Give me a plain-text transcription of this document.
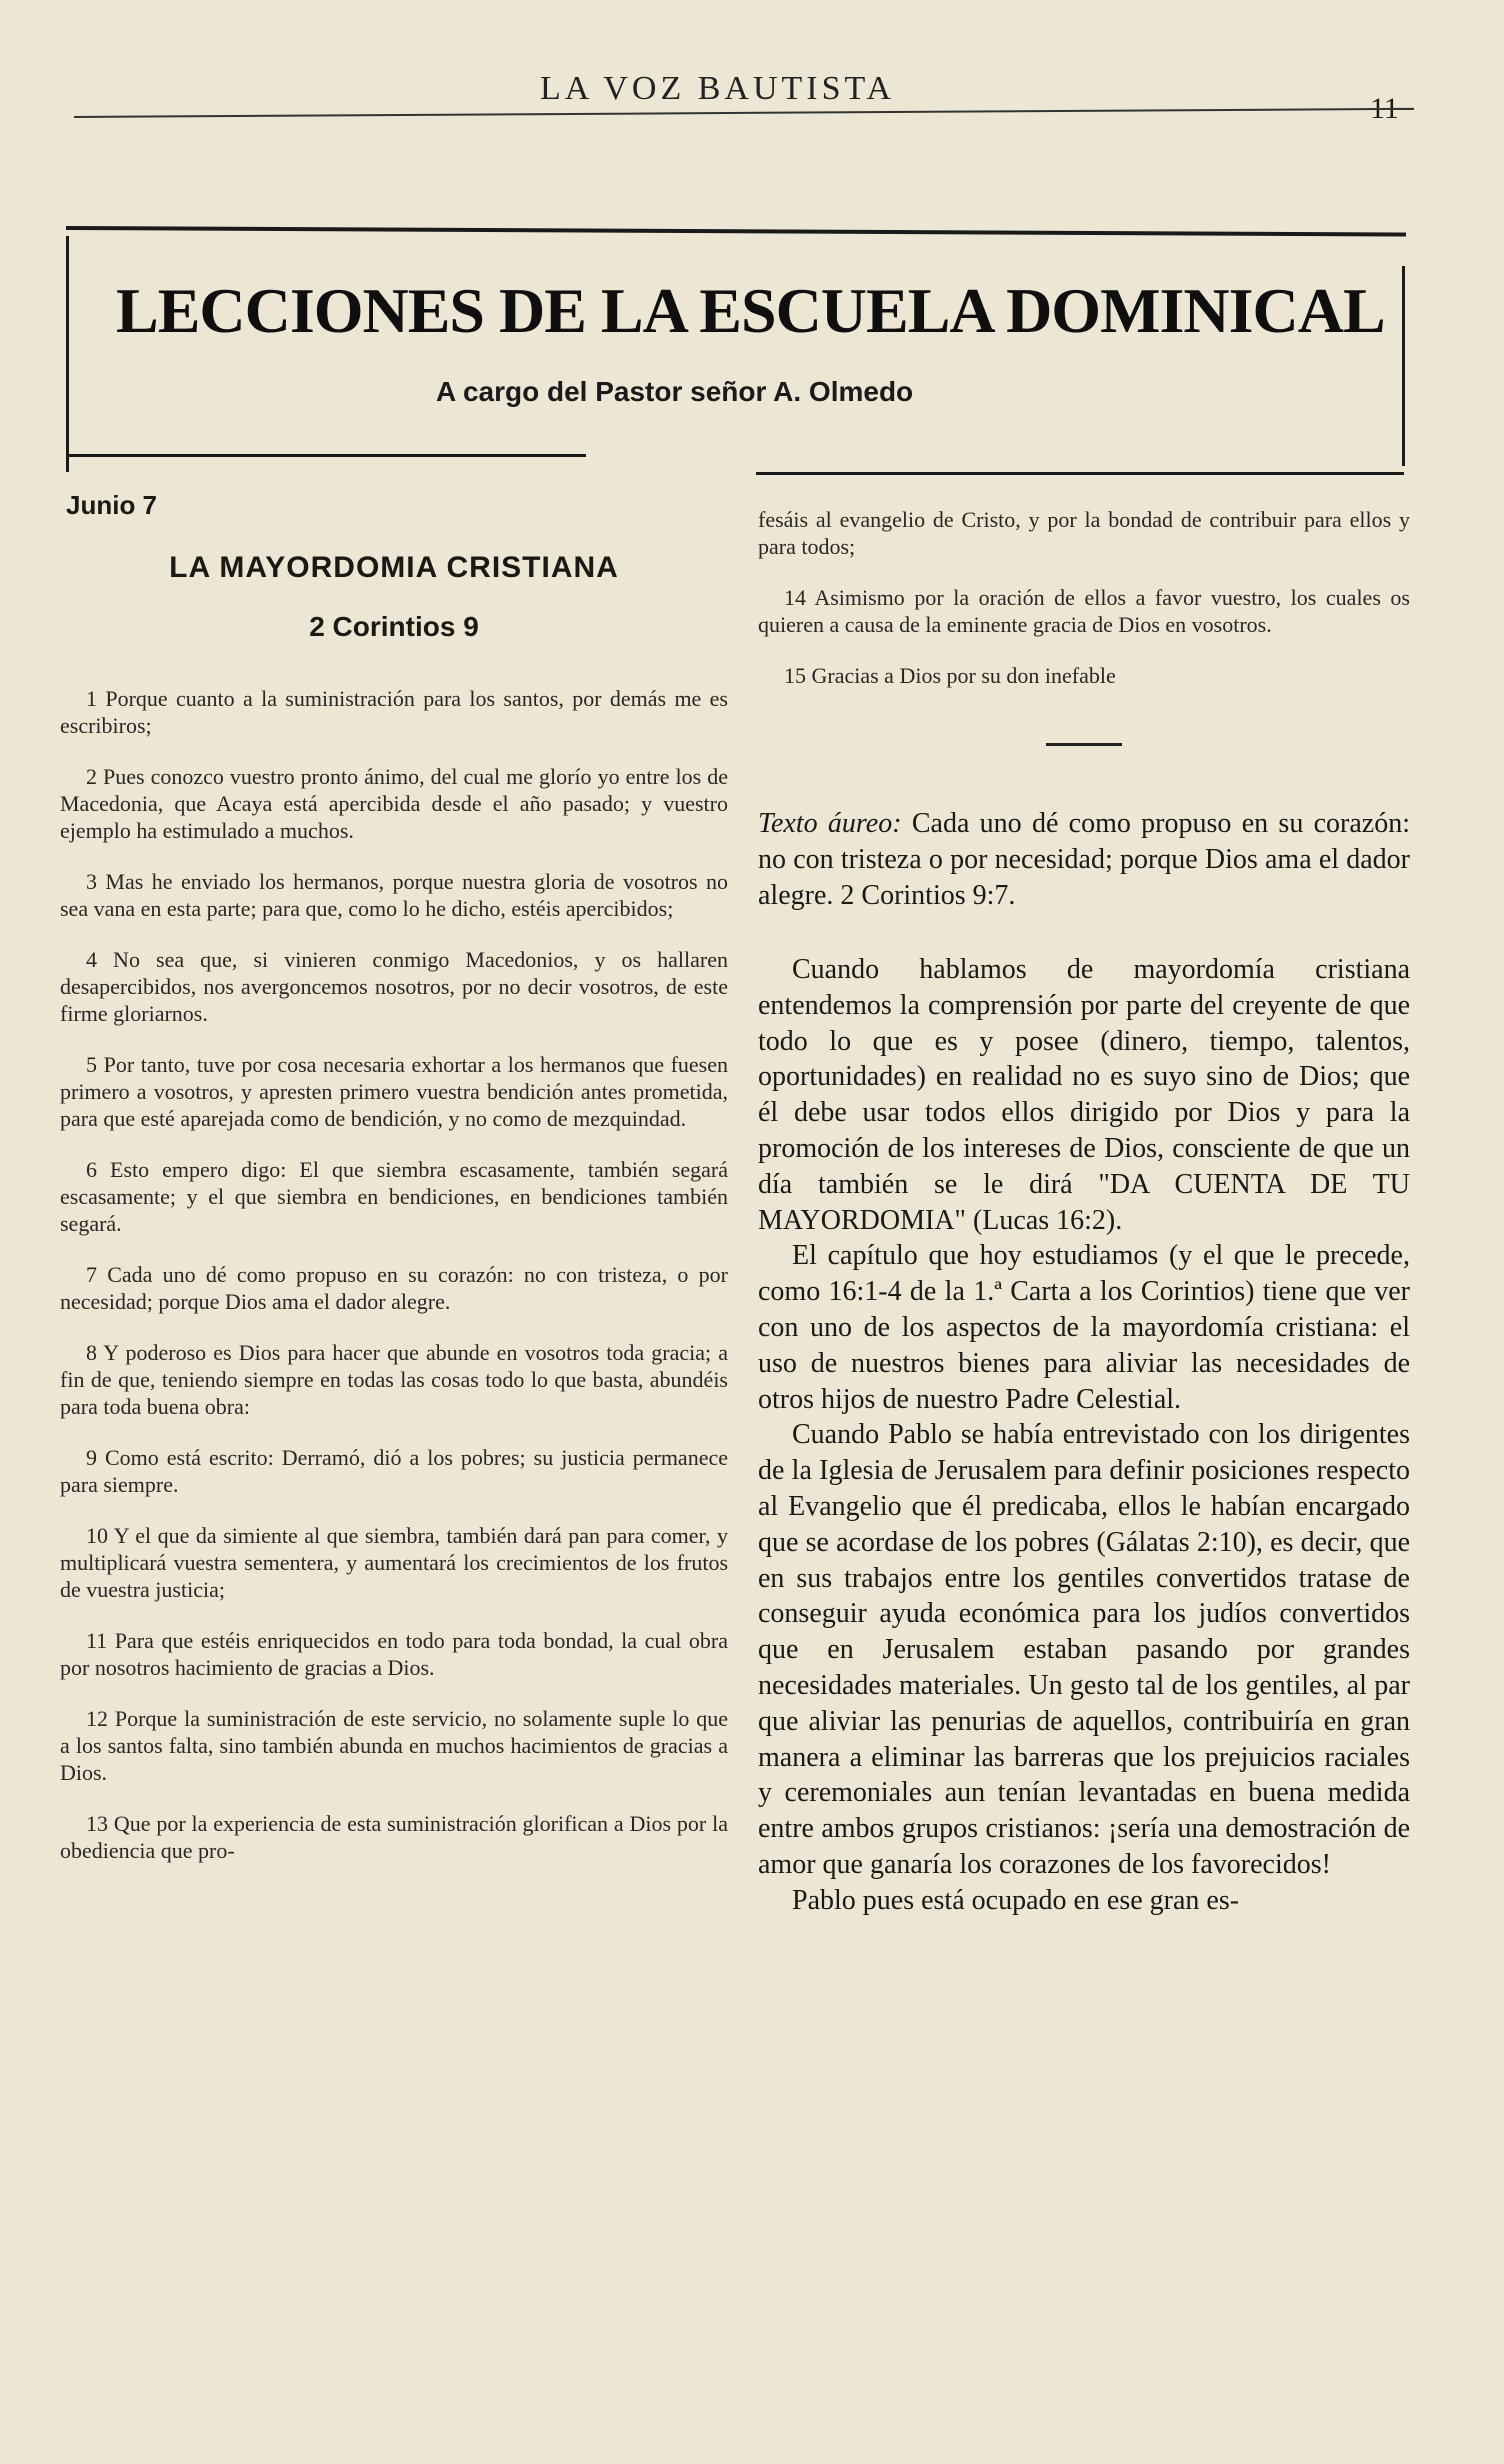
LA VOZ BAUTISTA
11
LECCIONES DE LA ESCUELA DOMINICAL
A cargo del Pastor señor A. Olmedo
Junio 7
LA MAYORDOMIA CRISTIANA
2 Corintios 9

1 Porque cuanto a la suministración para los santos, por demás me es escribiros;

2 Pues conozco vuestro pronto ánimo, del cual me glorío yo entre los de Macedonia, que Acaya está apercibida desde el año pasado; y vuestro ejemplo ha estimulado a muchos.

3 Mas he enviado los hermanos, porque nuestra gloria de vosotros no sea vana en esta parte; para que, como lo he dicho, estéis apercibidos;

4 No sea que, si vinieren conmigo Macedonios, y os hallaren desapercibidos, nos avergoncemos nosotros, por no decir vosotros, de este firme gloriarnos.

5 Por tanto, tuve por cosa necesaria exhortar a los hermanos que fuesen primero a vosotros, y apresten primero vuestra bendición antes prometida, para que esté aparejada como de bendición, y no como de mezquindad.

6 Esto empero digo: El que siembra escasamente, también segará escasamente; y el que siembra en bendiciones, en bendiciones también segará.

7 Cada uno dé como propuso en su corazón: no con tristeza, o por necesidad; porque Dios ama el dador alegre.

8 Y poderoso es Dios para hacer que abunde en vosotros toda gracia; a fin de que, teniendo siempre en todas las cosas todo lo que basta, abundéis para toda buena obra:

9 Como está escrito: Derramó, dió a los pobres; su justicia permanece para siempre.

10 Y el que da simiente al que siembra, también dará pan para comer, y multiplicará vuestra sementera, y aumentará los crecimientos de los frutos de vuestra justicia;

11 Para que estéis enriquecidos en todo para toda bondad, la cual obra por nosotros hacimiento de gracias a Dios.

12 Porque la suministración de este servicio, no solamente suple lo que a los santos falta, sino también abunda en muchos hacimientos de gracias a Dios.

13 Que por la experiencia de esta suministración glorifican a Dios por la obediencia que pro-

fesáis al evangelio de Cristo, y por la bondad de contribuir para ellos y para todos;

14 Asimismo por la oración de ellos a favor vuestro, los cuales os quieren a causa de la eminente gracia de Dios en vosotros.

15 Gracias a Dios por su don inefable

Texto áureo: Cada uno dé como propuso en su corazón: no con tristeza o por necesidad; porque Dios ama el dador alegre. 2 Corintios 9:7.

Cuando hablamos de mayordomía cristiana entendemos la comprensión por parte del creyente de que todo lo que es y posee (dinero, tiempo, talentos, oportunidades) en realidad no es suyo sino de Dios; que él debe usar todos ellos dirigido por Dios y para la promoción de los intereses de Dios, consciente de que un día también se le dirá "DA CUENTA DE TU MAYORDOMIA" (Lucas 16:2).

El capítulo que hoy estudiamos (y el que le precede, como 16:1-4 de la 1.ª Carta a los Corintios) tiene que ver con uno de los aspectos de la mayordomía cristiana: el uso de nuestros bienes para aliviar las necesidades de otros hijos de nuestro Padre Celestial.

Cuando Pablo se había entrevistado con los dirigentes de la Iglesia de Jerusalem para definir posiciones respecto al Evangelio que él predicaba, ellos le habían encargado que se acordase de los pobres (Gálatas 2:10), es decir, que en sus trabajos entre los gentiles convertidos tratase de conseguir ayuda económica para los judíos convertidos que en Jerusalem estaban pasando por grandes necesidades materiales. Un gesto tal de los gentiles, al par que aliviar las penurias de aquellos, contribuiría en gran manera a eliminar las barreras que los prejuicios raciales y ceremoniales aun tenían levantadas en buena medida entre ambos grupos cristianos: ¡sería una demostración de amor que ganaría los corazones de los favorecidos!

Pablo pues está ocupado en ese gran es-
